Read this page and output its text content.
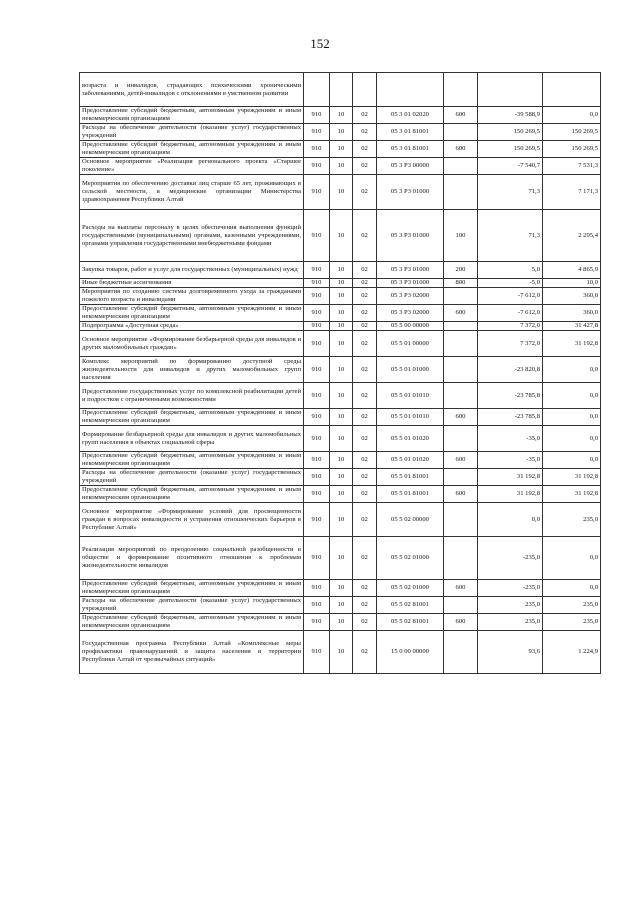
152
возраста и инвалидов, страдающих психическими хроническими заболеваниями, детей-инвалидов с отклонениями в умственном развитии							
Предоставление субсидий бюджетным, автономным учреждениям и иным некоммерческим организациям	910	10	02	05 3 01 02020	600	-39 588,9	0,0
Расходы на обеспечение деятельности (оказание услуг) государственных учреждений	910	10	02	05 3 01 81001		150 269,5	150 269,5
Предоставление субсидий бюджетным, автономным учреждениям и иным некоммерческим организациям	910	10	02	05 3 01 81001	600	150 269,5	150 269,5
Основное мероприятие «Реализация регионального проекта «Старшее поколение»	910	10	02	05 3 P3 00000		-7 540,7	7 531,3
Мероприятия по обеспечению доставки лиц старше 65 лет, проживающих в сельской местности, в медицинские организации Министерства здравоохранения Республики Алтай	910	10	02	05 3 P3 01000		71,3	7 171,3
Расходы на выплаты персоналу в целях обеспечения выполнения функций государственными (муниципальными) органами, казенными учреждениями, органами управления государственными внебюджетными фондами	910	10	02	05 3 P3 01000	100	71,3	2 295,4
Закупка товаров, работ и услуг для государственных (муниципальных) нужд	910	10	02	05 3 P3 01000	200	5,0	4 865,9
Иные бюджетные ассигнования	910	10	02	05 3 P3 01000	800	-5,0	10,0
Мероприятия по созданию системы долговременного ухода за гражданами пожилого возраста и инвалидами	910	10	02	05 3 P3 02000		-7 612,0	360,0
Предоставление субсидий бюджетным, автономным учреждениям и иным некоммерческим организациям	910	10	02	05 3 P3 02000	600	-7 612,0	360,0
Подпрограмма «Доступная среда»	910	10	02	05 5 00 00000		7 372,0	31 427,8
Основное мероприятие «Формирование безбарьерной среды для инвалидов и других маломобильных граждан»	910	10	02	05 5 01 00000		7 372,0	31 192,8
Комплекс мероприятий по формированию доступной среды жизнедеятельности для инвалидов и других маломобильных групп населения	910	10	02	05 5 01 01000		-23 820,8	0,0
Предоставление государственных услуг по комплексной реабилитации детей и подростков с ограниченными возможностями	910	10	02	05 5 01 01010		-23 785,8	0,0
Предоставление субсидий бюджетным, автономным учреждениям и иным некоммерческим организациям	910	10	02	05 5 01 01010	600	-23 785,8	0,0
Формирование безбарьерной среды для инвалидов и других маломобильных групп населения в объектах социальной сферы	910	10	02	05 5 01 01020		-35,0	0,0
Предоставление субсидий бюджетным, автономным учреждениям и иным некоммерческим организациям	910	10	02	05 5 01 01020	600	-35,0	0,0
Расходы на обеспечение деятельности (оказание услуг) государственных учреждений	910	10	02	05 5 01 81001		31 192,8	31 192,8
Предоставление субсидий бюджетным, автономным учреждениям и иным некоммерческим организациям	910	10	02	05 5 01 81001	600	31 192,8	31 192,8
Основное мероприятие «Формирование условий для просвещенности граждан в вопросах инвалидности и устранения отношенческих барьеров в Республике Алтай»	910	10	02	05 5 02 00000		0,0	235,0
Реализация мероприятий по преодолению социальной разобщенности в обществе и формирование позитивного отношения к проблемам жизнедеятельности инвалидов	910	10	02	05 5 02 01000		-235,0	0,0
Предоставление субсидий бюджетным, автономным учреждениям и иным некоммерческим организациям	910	10	02	05 5 02 01000	600	-235,0	0,0
Расходы на обеспечение деятельности (оказание услуг) государственных учреждений	910	10	02	05 5 02 81001		235,0	235,0
Предоставление субсидий бюджетным, автономным учреждениям и иным некоммерческим организациям	910	10	02	05 5 02 81001	600	235,0	235,0
Государственная программа Республики Алтай «Комплексные меры профилактики правонарушений и защита населения и территории Республики Алтай от чрезвычайных ситуаций»	910	10	02	15 0 00 00000		93,6	1 224,9
